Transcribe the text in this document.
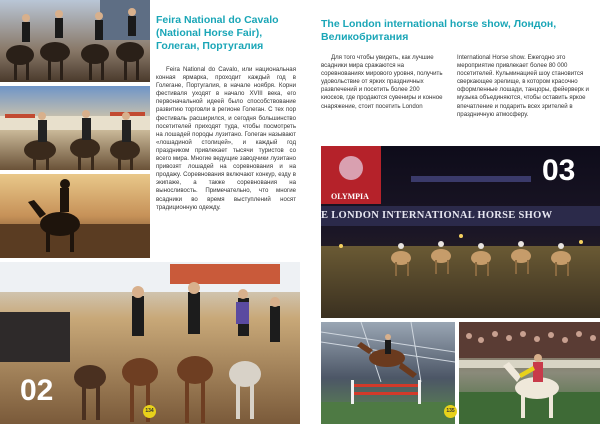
02
134
Feira National do Cavalo (National Horse Fair), Голеган, Португалия

Feira National do Cavalo, или национальная конная ярмарка, проходит каждый год в Голегане, Португалия, в начале ноября. Корни фестиваля уходят в начало XVIII века, его первоначальной идеей было способствование развитию торговли в регионе Голеган. С тех пор фестиваль расширился, и сегодня большинство посетителей приходят туда, чтобы посмотреть на лошадей породы лузитано. Голеган называют «лошадиной столицей», и каждый год праздником привлекает тысячи туристов со всего мира. Многие ведущие заводчики лузитано привозят лошадей на соревнования и на продажу. Соревнования включают конкур, езду в экипаже, а также соревнования на выносливость. Примечательно, что многие всадники во время выступлений носят традиционную одежду.

The London international horse show, Лондон, Великобритания

Для того чтобы увидеть, как лучшие всадники мира сражаются на соревнованиях мирового уровня, получить удовольствие от ярких праздничных развлечений и посетить более 200 киосков, где продаются сувениры и конное снаряжение, стоит посетить London

International Horse show. Ежегодно это мероприятие привлекает более 80 000 посетителей. Кульминацией шоу становится сверкающее зрелище, в котором красочно оформленные лошади, танцоры, фейерверк и музыка объединяются, чтобы оставить яркое впечатление и подарить всех зрителей в праздничную атмосферу.

OLYMPIA
E LONDON INTERNATIONAL HORSE SHOW
03
135
